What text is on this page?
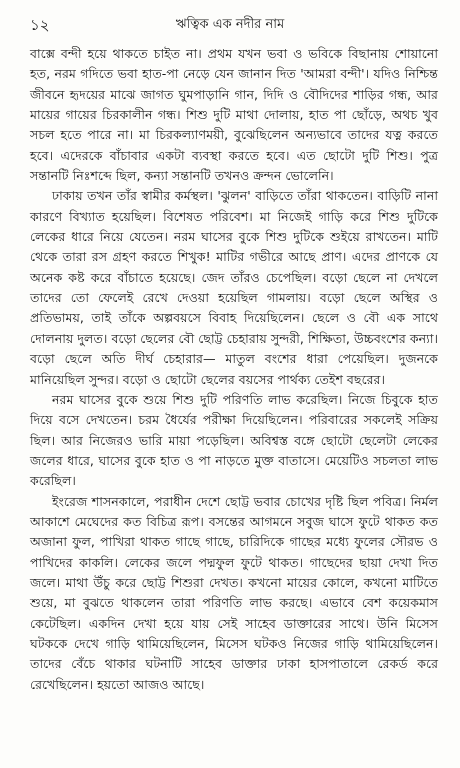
১২	ঋত্বিক এক নদীর নাম

বাক্সে বন্দী হয়ে থাকতে চাইত না। প্রথম যখন ভবা ও ভবিকে বিছানায় শোয়ানো হত, নরম গদিতে ভবা হাত-পা নেড়ে যেন জানান দিত 'আমরা বন্দী'। যদিও নিশ্চিন্ত জীবনে হৃদয়ের মাঝে জাগত ঘুমপাড়ানি গান, দিদি ও বৌদিদের শাড়ির গন্ধ, আর মায়ের গায়ের চিরকালীন গন্ধ। শিশু দুটি মাথা দোলায়, হাত পা ছোঁড়ে, অথচ খুব সচল হতে পারে না। মা চিরকল্যাণময়ী, বুঝেছিলেন অন্যভাবে তাদের যত্ন করতে হবে। এদেরকে বাঁচাবার একটা ব্যবস্থা করতে হবে। এত ছোটো দুটি শিশু। পুত্র সন্তানটি নিঃশব্দে ছিল, কন্যা সন্তানটি তখনও ক্রন্দন ভোলেনি।

ঢাকায় তখন তাঁর স্বামীর কর্মস্থল। 'ঝুলন' বাড়িতে তাঁরা থাকতেন। বাড়িটি নানা কারণে বিখ্যাত হয়েছিল। বিশেষত পরিবেশ। মা নিজেই গাড়ি করে শিশু দুটিকে লেকের ধারে নিয়ে যেতেন। নরম ঘাসের বুকে শিশু দুটিকে শুইয়ে রাখতেন। মাটি থেকে তারা রস গ্রহণ করতে শিখুক! মাটির গভীরে আছে প্রাণ। এদের প্রাণকে যে অনেক কষ্ট করে বাঁচাতে হয়েছে। জেদ তাঁরও চেপেছিল। বড়ো ছেলে না দেখলে তাদের তো ফেলেই রেখে দেওয়া হয়েছিল গামলায়। বড়ো ছেলে অস্থির ও প্রতিভাময়, তাই তাঁকে অল্পবয়সে বিবাহ দিয়েছিলেন। ছেলে ও বৌ এক সাথে দোলনায় দুলত। বড়ো ছেলের বৌ ছোট্ট চেহারায় সুন্দরী, শিক্ষিতা, উচ্চবংশের কন্যা। বড়ো ছেলে অতি দীর্ঘ চেহারার— মাতুল বংশের ধারা পেয়েছিল। দুজনকে মানিয়েছিল সুন্দর। বড়ো ও ছোটো ছেলের বয়সের পার্থক্য তেইশ বছরের।

নরম ঘাসের বুকে শুয়ে শিশু দুটি পরিণতি লাভ করেছিল। নিজে চিবুকে হাত দিয়ে বসে দেখতেন। চরম ধৈর্যের পরীক্ষা দিয়েছিলেন। পরিবারের সকলেই সক্রিয় ছিল। আর নিজেরও ভারি মায়া পড়েছিল। অবিশ্বস্ত বঙ্গে ছোটো ছেলেটা লেকের জলের ধারে, ঘাসের বুকে হাত ও পা নাড়তে মুক্ত বাতাসে। মেয়েটিও সচলতা লাভ করেছিল।

ইংরেজ শাসনকালে, পরাধীন দেশে ছোট্ট ভবার চোখের দৃষ্টি ছিল পবিত্র। নির্মল আকাশে মেঘেদের কত বিচিত্র রূপ। বসন্তের আগমনে সবুজ ঘাসে ফুটে থাকত কত অজানা ফুল, পাখিরা থাকত গাছে গাছে, চারিদিকে গাছের মধ্যে ফুলের সৌরভ ও পাখিদের কাকলি। লেকের জলে পদ্মফুল ফুটে থাকত। গাছেদের ছায়া দেখা দিত জলে। মাথা উঁচু করে ছোট্ট শিশুরা দেখত। কখনো মায়ের কোলে, কখনো মাটিতে শুয়ে, মা বুঝতে থাকলেন তারা পরিণতি লাভ করছে। এভাবে বেশ কয়েকমাস কেটেছিল। একদিন দেখা হয়ে যায় সেই সাহেব ডাক্তারের সাথে। উনি মিসেস ঘটককে দেখে গাড়ি থামিয়েছিলেন, মিসেস ঘটকও নিজের গাড়ি থামিয়েছিলেন। তাদের বেঁচে থাকার ঘটনাটি সাহেব ডাক্তার ঢাকা হাসপাতালে রেকর্ড করে রেখেছিলেন। হয়তো আজও আছে।
